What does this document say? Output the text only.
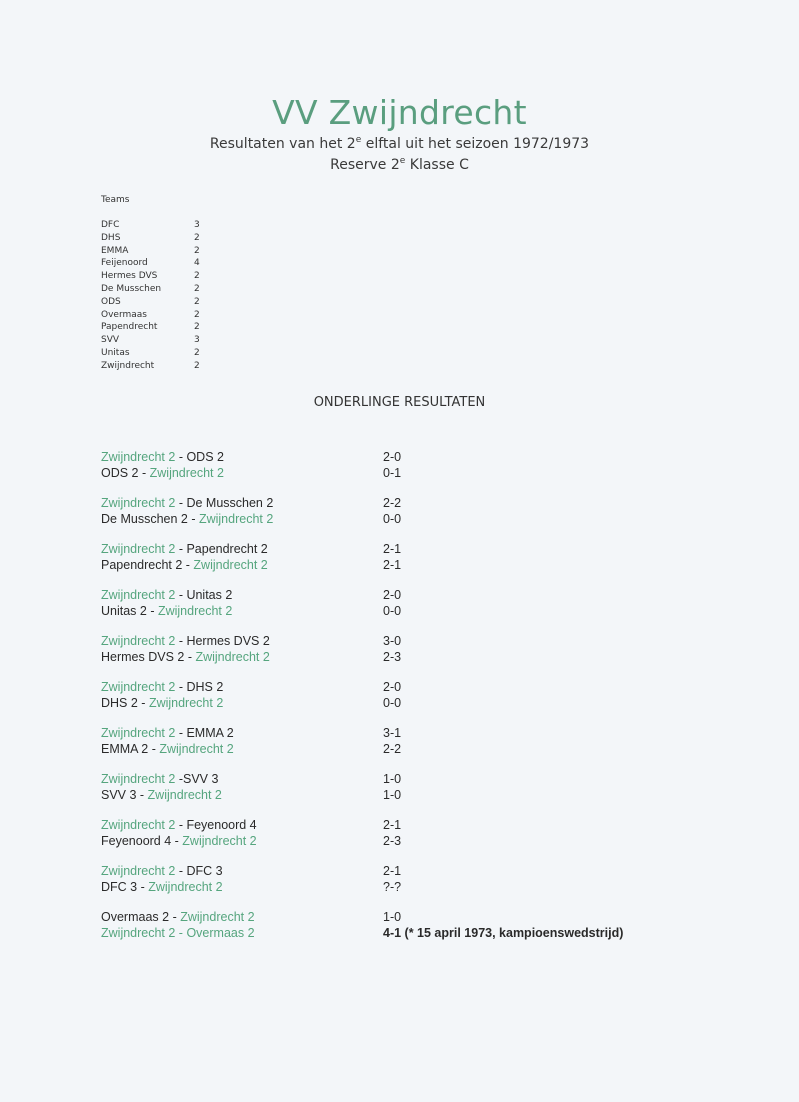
VV Zwijndrecht
Resultaten van het 2e elftal uit het seizoen 1972/1973
Reserve 2e Klasse C
Teams
DFC	3
DHS	2
EMMA	2
Feijenoord	4
Hermes DVS	2
De Musschen	2
ODS	2
Overmaas	2
Papendrecht	2
SVV	3
Unitas	2
Zwijndrecht	2
ONDERLINGE RESULTATEN
Zwijndrecht 2 - ODS 2	2-0
ODS 2 - Zwijndrecht 2	0-1
Zwijndrecht 2 - De Musschen 2	2-2
De Musschen 2 - Zwijndrecht 2	0-0
Zwijndrecht 2 - Papendrecht 2	2-1
Papendrecht 2 - Zwijndrecht 2	2-1
Zwijndrecht 2 - Unitas 2	2-0
Unitas 2 - Zwijndrecht 2	0-0
Zwijndrecht 2 - Hermes DVS 2	3-0
Hermes DVS 2 - Zwijndrecht 2	2-3
Zwijndrecht 2 - DHS 2	2-0
DHS 2 - Zwijndrecht 2	0-0
Zwijndrecht 2 - EMMA 2	3-1
EMMA 2 - Zwijndrecht 2	2-2
Zwijndrecht 2 -SVV 3	1-0
SVV 3 - Zwijndrecht 2	1-0
Zwijndrecht 2 - Feyenoord 4	2-1
Feyenoord 4 - Zwijndrecht 2	2-3
Zwijndrecht 2 - DFC 3	2-1
DFC 3 - Zwijndrecht 2	?-?
Overmaas 2 - Zwijndrecht 2	1-0
Zwijndrecht 2 - Overmaas 2	4-1 (* 15 april 1973, kampioenswedstrijd)
